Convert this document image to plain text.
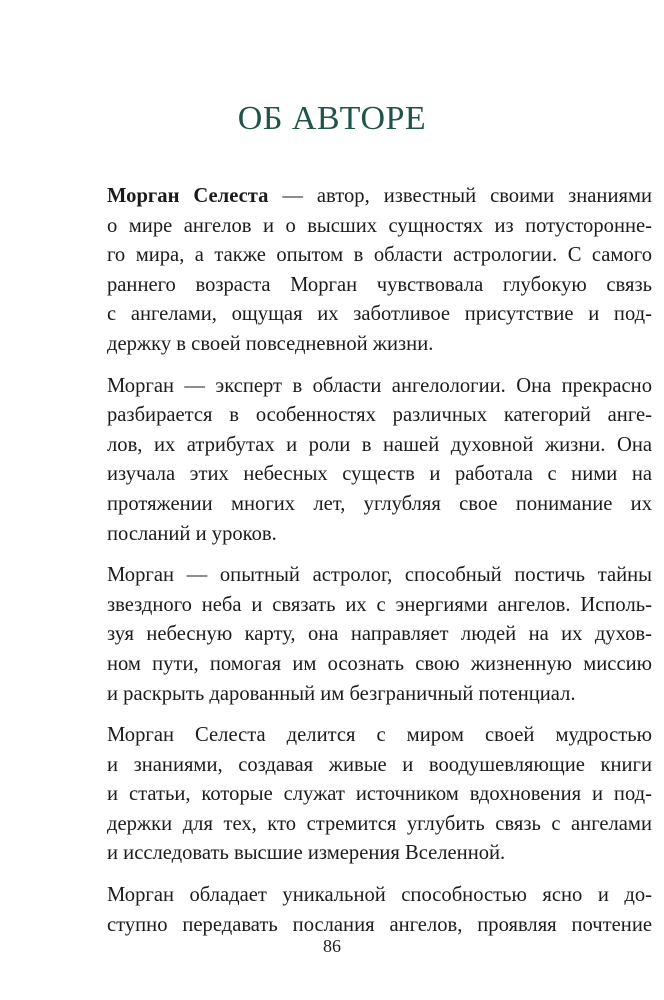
ОБ АВТОРЕ
Морган Селеста — автор, известный своими знаниями
о мире ангелов и о высших сущностях из потусторонне-
го мира, а также опытом в области астрологии. С самого
раннего возраста Морган чувствовала глубокую связь
с ангелами, ощущая их заботливое присутствие и под-
держку в своей повседневной жизни.
Морган — эксперт в области ангелологии. Она прекрасно
разбирается в особенностях различных категорий анге-
лов, их атрибутах и роли в нашей духовной жизни. Она
изучала этих небесных существ и работала с ними на
протяжении многих лет, углубляя свое понимание их
посланий и уроков.
Морган — опытный астролог, способный постичь тайны
звездного неба и связать их с энергиями ангелов. Исполь-
зуя небесную карту, она направляет людей на их духов-
ном пути, помогая им осознать свою жизненную миссию
и раскрыть дарованный им безграничный потенциал.
Морган Селеста делится с миром своей мудростью
и знаниями, создавая живые и воодушевляющие книги
и статьи, которые служат источником вдохновения и под-
держки для тех, кто стремится углубить связь с ангелами
и исследовать высшие измерения Вселенной.
Морган обладает уникальной способностью ясно и до-
ступно передавать послания ангелов, проявляя почтение
86
